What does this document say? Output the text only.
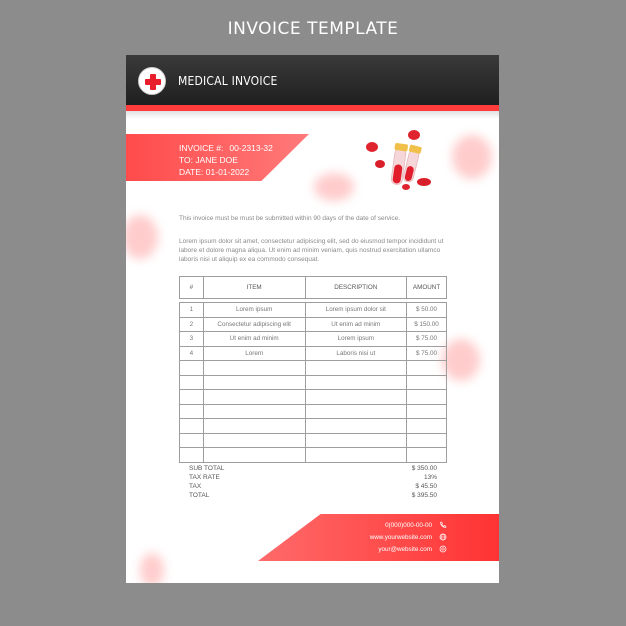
INVOICE TEMPLATE
MEDICAL INVOICE
INVOICE #: 00-2313-32
TO: JANE DOE
DATE: 01-01-2022
This invoice must be must be submitted within 90 days of the date of service.
Lorem ipsum dolor sit amet, consectetur adipiscing elit, sed do eiusmod tempor incididunt ut labore et dolore magna aliqua. Ut enim ad minim veniam, quis nostrud exercitation ullamco laboris nisi ut aliquip ex ea commodo consequat.
#	ITEM	DESCRIPTION	AMOUNT

1	Lorem ipsum	Lorem ipsum dolor sit	$ 50.00
2	Consectetur adipiscing elit	Ut enim ad minim	$ 150.00
3	Ut enim ad minim	Lorem ipsum	$ 75.00
4	Lorem	Laboris nisi ut	$ 75.00

SUB TOTAL	$ 350.00
TAX RATE	13%
TAX	$ 45.50
TOTAL	$ 395.50
0(000)000-00-00
www.yourwebsite.com
your@website.com
